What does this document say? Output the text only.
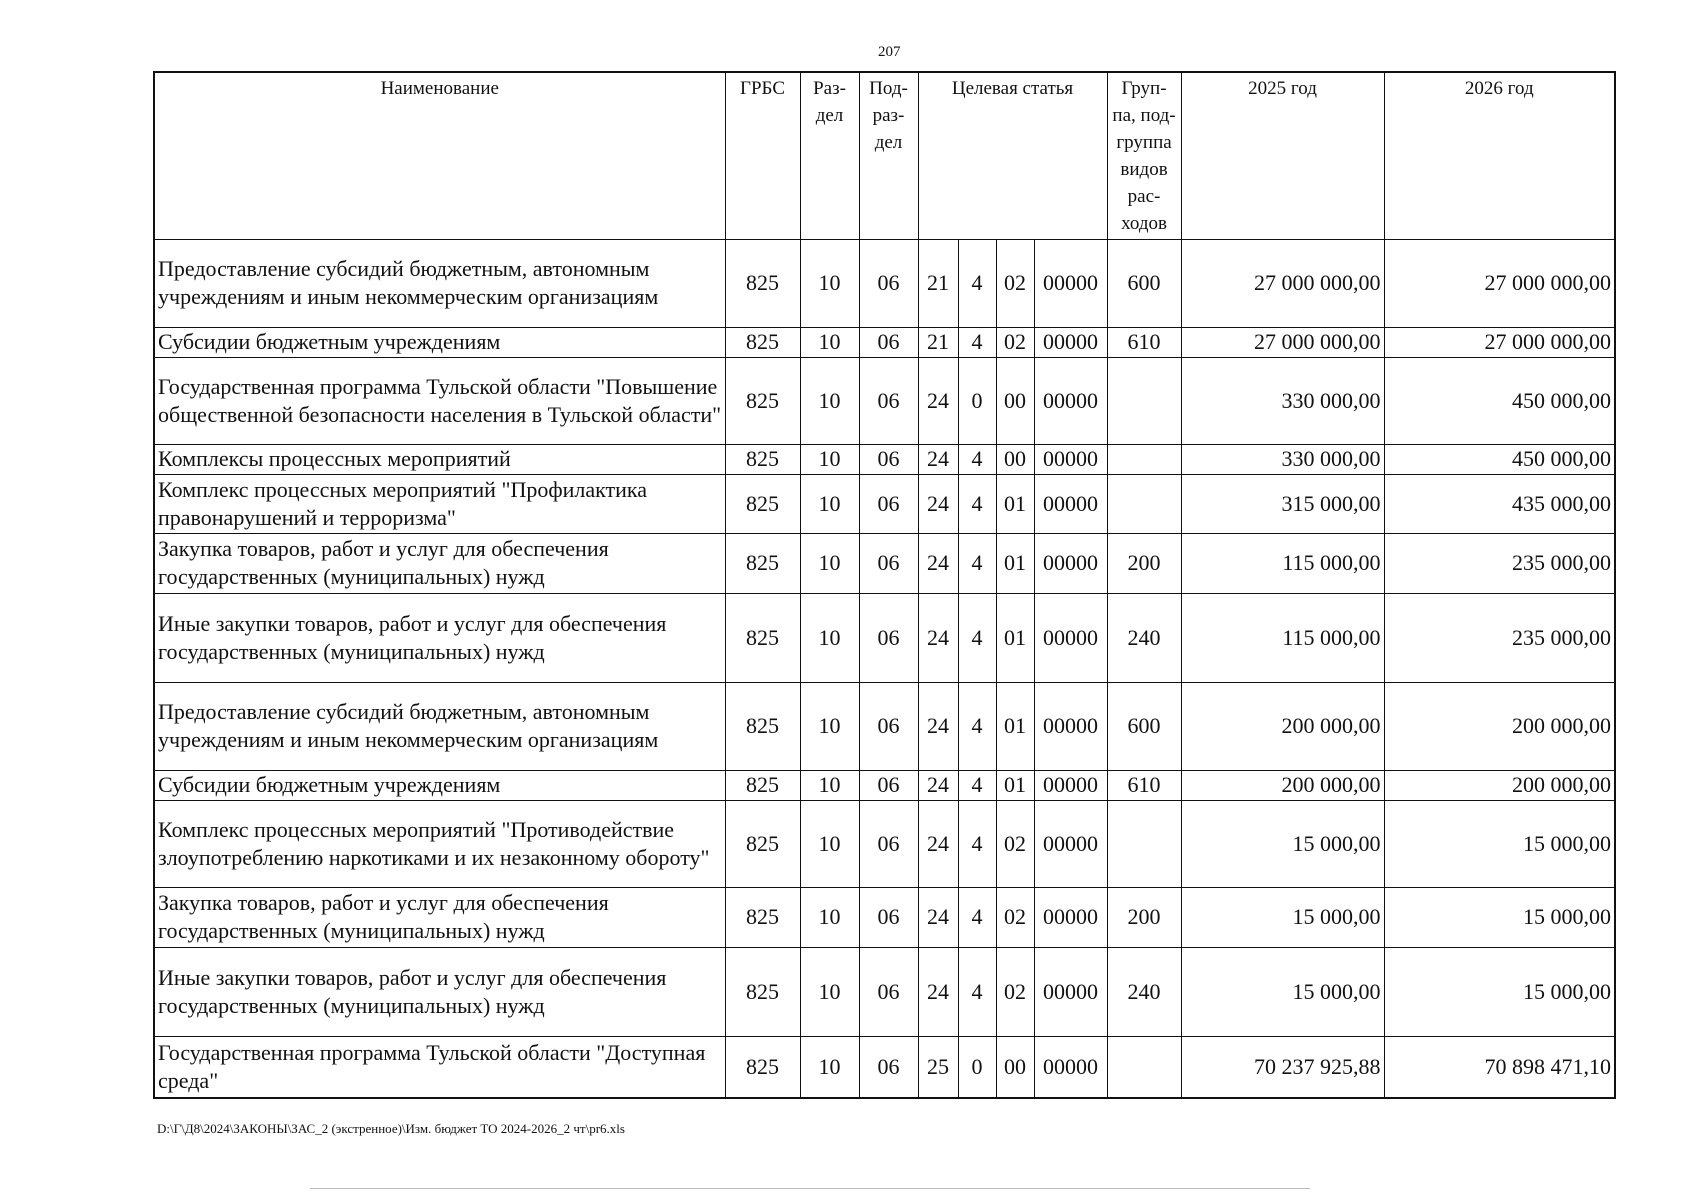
207
Наименование	ГРБС	Раз- дел	Под- раз- дел	Целевая статья				Груп- па, под- группа видов рас- ходов	2025 год	2026 год
Предоставление субсидий бюджетным, автономным учреждениям и иным некоммерческим организациям	825	10	06	21	4	02	00000	600	27 000 000,00	27 000 000,00
Субсидии бюджетным учреждениям	825	10	06	21	4	02	00000	610	27 000 000,00	27 000 000,00
Государственная программа Тульской области "Повышение общественной безопасности населения в Тульской области"	825	10	06	24	0	00	00000		330 000,00	450 000,00
Комплексы процессных мероприятий	825	10	06	24	4	00	00000		330 000,00	450 000,00
Комплекс процессных мероприятий "Профилактика правонарушений и терроризма"	825	10	06	24	4	01	00000		315 000,00	435 000,00
Закупка товаров, работ и услуг для обеспечения государственных (муниципальных) нужд	825	10	06	24	4	01	00000	200	115 000,00	235 000,00
Иные закупки товаров, работ и услуг для обеспечения государственных (муниципальных) нужд	825	10	06	24	4	01	00000	240	115 000,00	235 000,00
Предоставление субсидий бюджетным, автономным учреждениям и иным некоммерческим организациям	825	10	06	24	4	01	00000	600	200 000,00	200 000,00
Субсидии бюджетным учреждениям	825	10	06	24	4	01	00000	610	200 000,00	200 000,00
Комплекс процессных мероприятий "Противодействие злоупотреблению наркотиками и их незаконному обороту"	825	10	06	24	4	02	00000		15 000,00	15 000,00
Закупка товаров, работ и услуг для обеспечения государственных (муниципальных) нужд	825	10	06	24	4	02	00000	200	15 000,00	15 000,00
Иные закупки товаров, работ и услуг для обеспечения государственных (муниципальных) нужд	825	10	06	24	4	02	00000	240	15 000,00	15 000,00
Государственная программа Тульской области "Доступная среда"	825	10	06	25	0	00	00000		70 237 925,88	70 898 471,10
D:\Г\Д8\2024\ЗАКОНЫ\ЗАС_2 (экстренное)\Изм. бюджет ТО 2024-2026_2 чт\pr6.xls
